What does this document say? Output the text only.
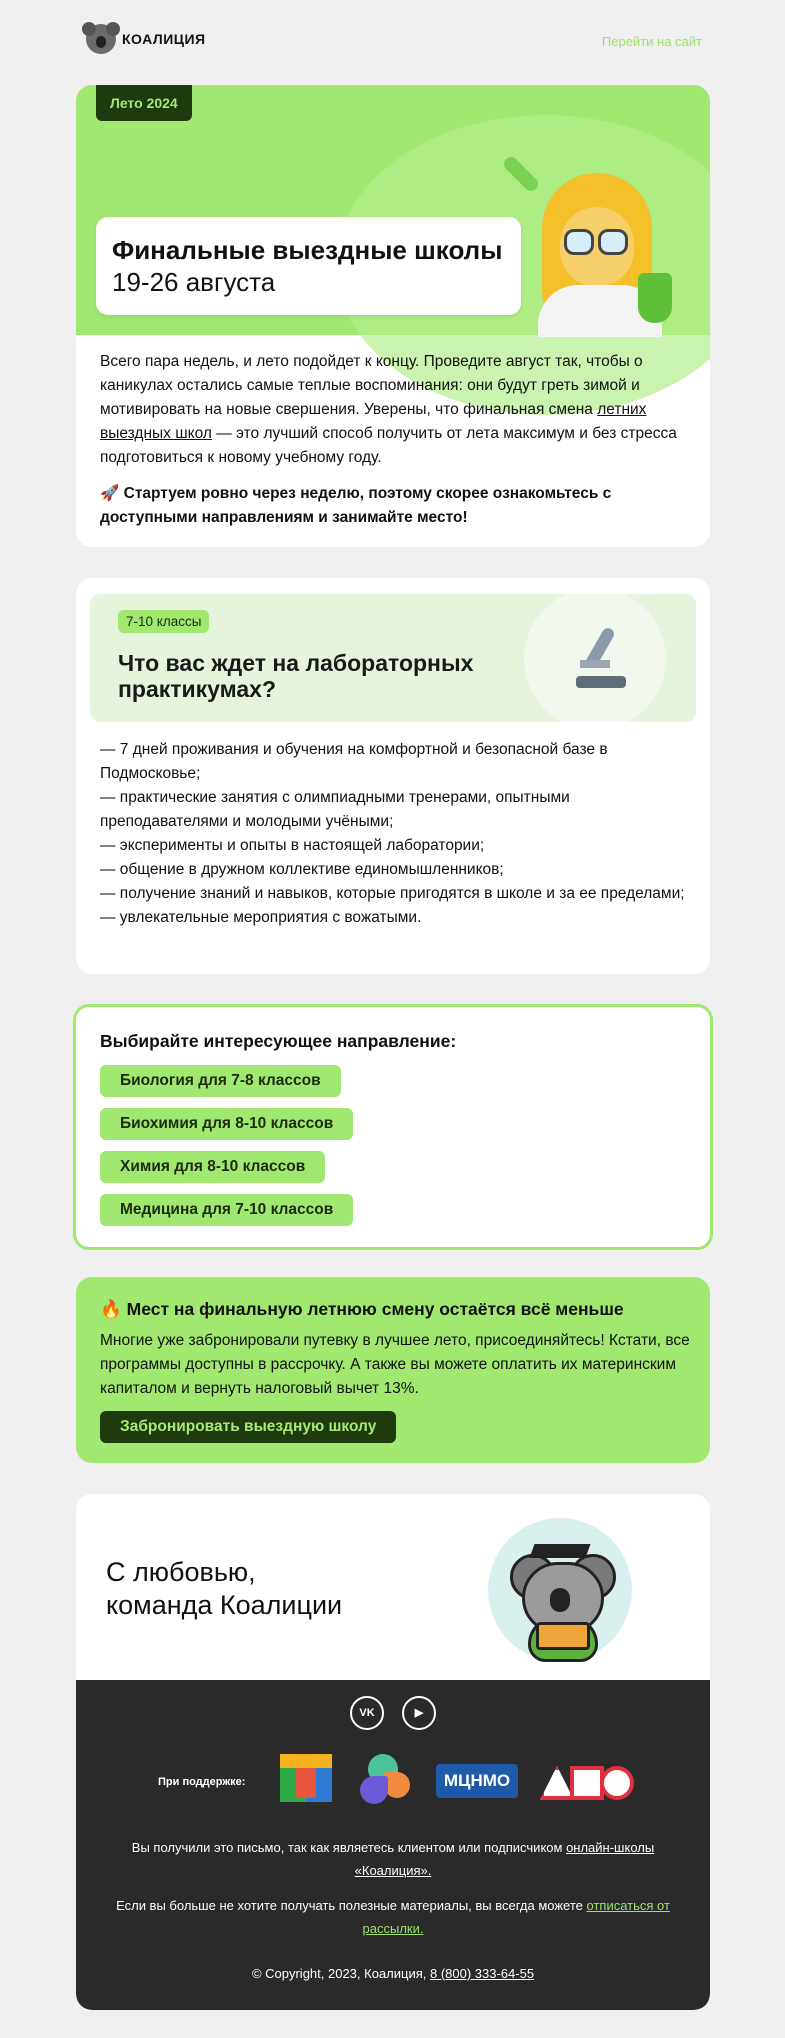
КОАЛИЦИЯ	Перейти на сайт
Лето 2024
Финальные выездные школы
19-26 августа

Всего пара недель, и лето подойдет к концу. Проведите август так, чтобы о каникулах остались самые теплые воспоминания: они будут греть зимой и мотивировать на новые свершения. Уверены, что финальная смена летних выездных школ — это лучший способ получить от лета максимум и без стресса подготовиться к новому учебному году.

🚀 Стартуем ровно через неделю, поэтому скорее ознакомьтесь с доступными направлениям и занимайте место!

7-10 классы
Что вас ждет на лабораторных практикумах?
— 7 дней проживания и обучения на комфортной и безопасной базе в Подмосковье;
— практические занятия с олимпиадными тренерами, опытными преподавателями и молодыми учёными;
— эксперименты и опыты в настоящей лаборатории;
— общение в дружном коллективе единомышленников;
— получение знаний и навыков, которые пригодятся в школе и за ее пределами;
— увлекательные мероприятия с вожатыми.
Выбирайте интересующее направление:
Биология для 7-8 классов
Биохимия для 8-10 классов
Химия для 8-10 классов
Медицина для 7-10 классов
🔥 Мест на финальную летнюю смену остаётся всё меньше
Многие уже забронировали путевку в лучшее лето, присоединяйтесь! Кстати, все программы доступны в рассрочку. А также вы можете оплатить их материнским капиталом и вернуть налоговый вычет 13%.
Забронировать выездную школу
С любовью,
команда Коалиции
VK	▶
При поддержке:	МЦНМО
Вы получили это письмо, так как являетесь клиентом или подписчиком онлайн-школы «Коалиция».
Если вы больше не хотите получать полезные материалы, вы всегда можете отписаться от рассылки.
© Copyright, 2023, Коалиция, 8 (800) 333-64-55
